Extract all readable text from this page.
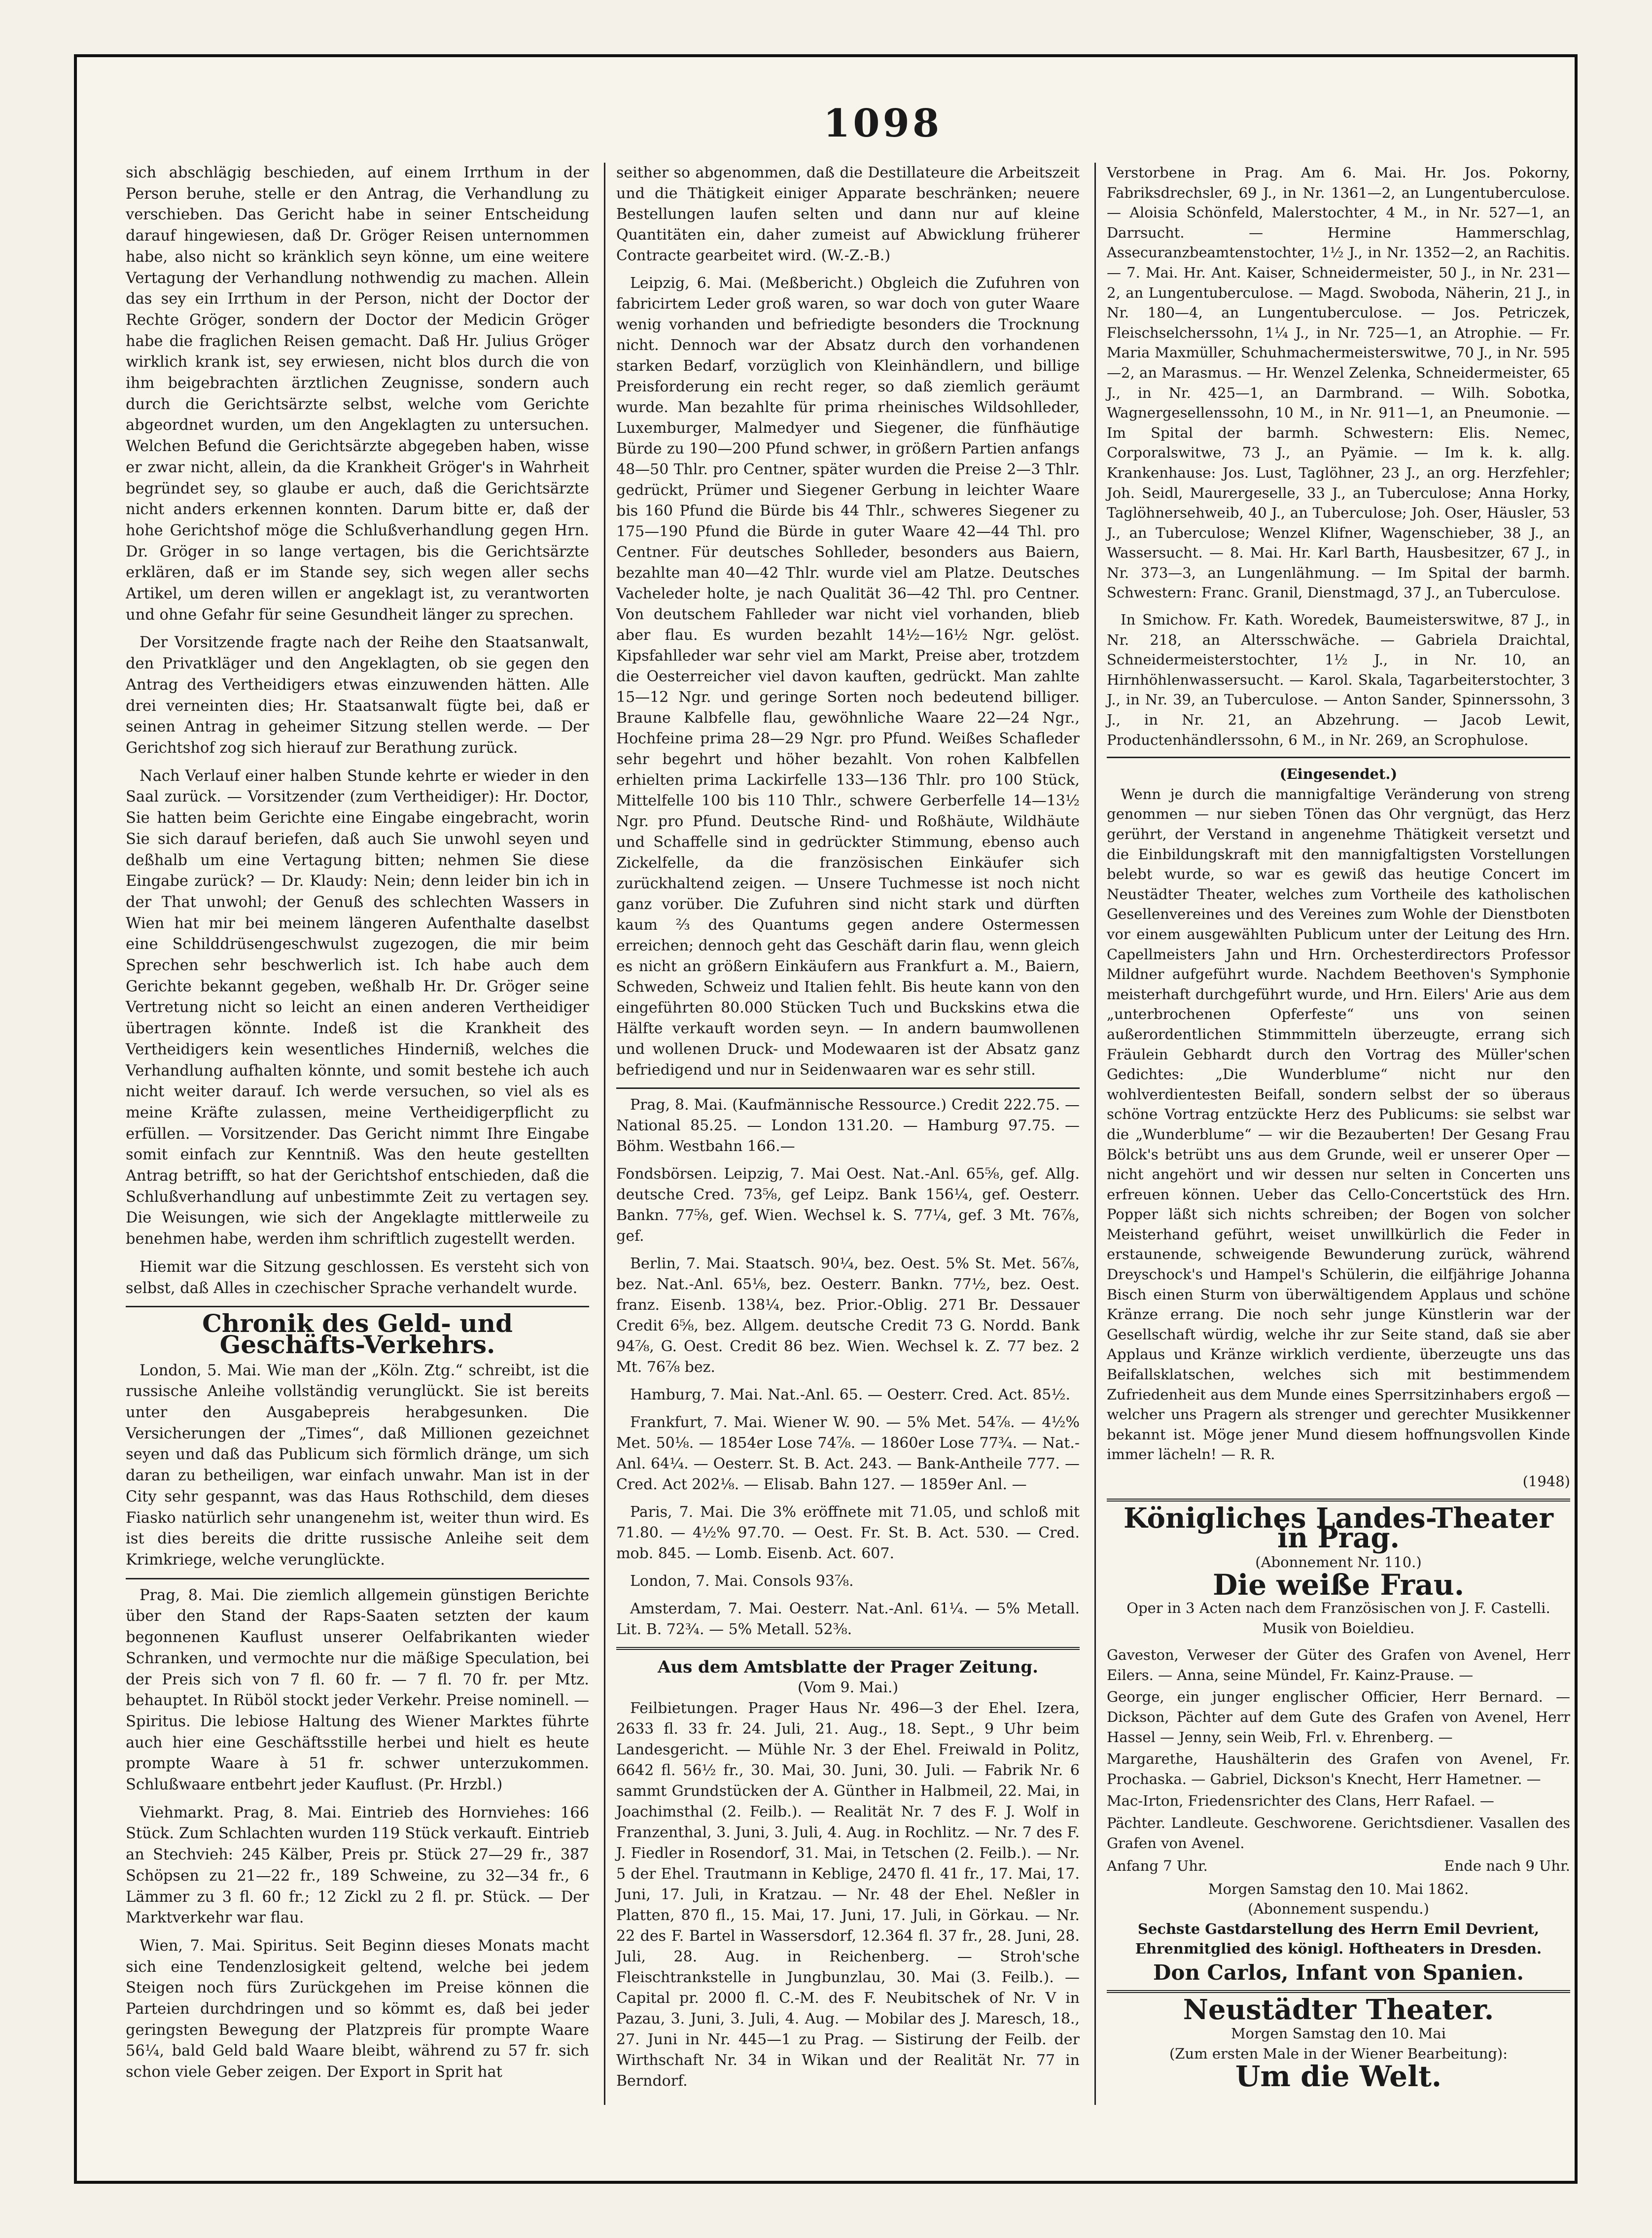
1098

sich abschlägig beschieden, auf einem Irrthum in der Person beruhe, stelle er den Antrag, die Verhandlung zu verschieben. Das Gericht habe in seiner Entscheidung darauf hingewiesen, daß Dr. Gröger Reisen unternommen habe, also nicht so kränklich seyn könne, um eine weitere Vertagung der Verhandlung nothwendig zu machen. Allein das sey ein Irrthum in der Person, nicht der Doctor der Rechte Gröger, sondern der Doctor der Medicin Gröger habe die fraglichen Reisen gemacht. Daß Hr. Julius Gröger wirklich krank ist, sey erwiesen, nicht blos durch die von ihm beigebrachten ärztlichen Zeugnisse, sondern auch durch die Gerichtsärzte selbst, welche vom Gerichte abgeordnet wurden, um den Angeklagten zu untersuchen. Welchen Befund die Gerichtsärzte abgegeben haben, wisse er zwar nicht, allein, da die Krankheit Gröger's in Wahrheit begründet sey, so glaube er auch, daß die Gerichtsärzte nicht anders erkennen konnten. Darum bitte er, daß der hohe Gerichtshof möge die Schlußverhandlung gegen Hrn. Dr. Gröger in so lange vertagen, bis die Gerichtsärzte erklären, daß er im Stande sey, sich wegen aller sechs Artikel, um deren willen er angeklagt ist, zu verantworten und ohne Gefahr für seine Gesundheit länger zu sprechen.

Der Vorsitzende fragte nach der Reihe den Staatsanwalt, den Privatkläger und den Angeklagten, ob sie gegen den Antrag des Vertheidigers etwas einzuwenden hätten. Alle drei verneinten dies; Hr. Staatsanwalt fügte bei, daß er seinen Antrag in geheimer Sitzung stellen werde. — Der Gerichtshof zog sich hierauf zur Berathung zurück.

Nach Verlauf einer halben Stunde kehrte er wieder in den Saal zurück. — Vorsitzender (zum Vertheidiger): Hr. Doctor, Sie hatten beim Gerichte eine Eingabe eingebracht, worin Sie sich darauf beriefen, daß auch Sie unwohl seyen und deßhalb um eine Vertagung bitten; nehmen Sie diese Eingabe zurück? — Dr. Klaudy: Nein; denn leider bin ich in der That unwohl; der Genuß des schlechten Wassers in Wien hat mir bei meinem längeren Aufenthalte daselbst eine Schilddrüsengeschwulst zugezogen, die mir beim Sprechen sehr beschwerlich ist. Ich habe auch dem Gerichte bekannt gegeben, weßhalb Hr. Dr. Gröger seine Vertretung nicht so leicht an einen anderen Vertheidiger übertragen könnte. Indeß ist die Krankheit des Vertheidigers kein wesentliches Hinderniß, welches die Verhandlung aufhalten könnte, und somit bestehe ich auch nicht weiter darauf. Ich werde versuchen, so viel als es meine Kräfte zulassen, meine Vertheidigerpflicht zu erfüllen. — Vorsitzender. Das Gericht nimmt Ihre Eingabe somit einfach zur Kenntniß. Was den heute gestellten Antrag betrifft, so hat der Gerichtshof entschieden, daß die Schlußverhandlung auf unbestimmte Zeit zu vertagen sey. Die Weisungen, wie sich der Angeklagte mittlerweile zu benehmen habe, werden ihm schriftlich zugestellt werden.

Hiemit war die Sitzung geschlossen. Es versteht sich von selbst, daß Alles in czechischer Sprache verhandelt wurde.

Chronik des Geld- und Geschäfts-Verkehrs.

London, 5. Mai. Wie man der „Köln. Ztg.“ schreibt, ist die russische Anleihe vollständig verunglückt. Sie ist bereits unter den Ausgabepreis herabgesunken. Die Versicherungen der „Times“, daß Millionen gezeichnet seyen und daß das Publicum sich förmlich dränge, um sich daran zu betheiligen, war einfach unwahr. Man ist in der City sehr gespannt, was das Haus Rothschild, dem dieses Fiasko natürlich sehr unangenehm ist, weiter thun wird. Es ist dies bereits die dritte russische Anleihe seit dem Krimkriege, welche verunglückte.

Prag, 8. Mai. Die ziemlich allgemein günstigen Berichte über den Stand der Raps-Saaten setzten der kaum begonnenen Kauflust unserer Oelfabrikanten wieder Schranken, und vermochte nur die mäßige Speculation, bei der Preis sich von 7 fl. 60 fr. — 7 fl. 70 fr. per Mtz. behauptet. In Rüböl stockt jeder Verkehr. Preise nominell. — Spiritus. Die lebiose Haltung des Wiener Marktes führte auch hier eine Geschäftsstille herbei und hielt es heute prompte Waare à 51 fr. schwer unterzukommen. Schlußwaare entbehrt jeder Kauflust. (Pr. Hrzbl.)

Viehmarkt. Prag, 8. Mai. Eintrieb des Hornviehes: 166 Stück. Zum Schlachten wurden 119 Stück verkauft. Eintrieb an Stechvieh: 245 Kälber, Preis pr. Stück 27—29 fr., 387 Schöpsen zu 21—22 fr., 189 Schweine, zu 32—34 fr., 6 Lämmer zu 3 fl. 60 fr.; 12 Zickl zu 2 fl. pr. Stück. — Der Marktverkehr war flau.

Wien, 7. Mai. Spiritus. Seit Beginn dieses Monats macht sich eine Tendenzlosigkeit geltend, welche bei jedem Steigen noch fürs Zurückgehen im Preise können die Parteien durchdringen und so kömmt es, daß bei jeder geringsten Bewegung der Platzpreis für prompte Waare 56¼, bald Geld bald Waare bleibt, während zu 57 fr. sich schon viele Geber zeigen. Der Export in Sprit hat

seither so abgenommen, daß die Destillateure die Arbeitszeit und die Thätigkeit einiger Apparate beschränken; neuere Bestellungen laufen selten und dann nur auf kleine Quantitäten ein, daher zumeist auf Abwicklung früherer Contracte gearbeitet wird. (W.-Z.-B.)

Leipzig, 6. Mai. (Meßbericht.) Obgleich die Zufuhren von fabricirtem Leder groß waren, so war doch von guter Waare wenig vorhanden und befriedigte besonders die Trocknung nicht. Dennoch war der Absatz durch den vorhandenen starken Bedarf, vorzüglich von Kleinhändlern, und billige Preisforderung ein recht reger, so daß ziemlich geräumt wurde. Man bezahlte für prima rheinisches Wildsohlleder, Luxemburger, Malmedyer und Siegener, die fünfhäutige Bürde zu 190—200 Pfund schwer, in größern Partien anfangs 48—50 Thlr. pro Centner, später wurden die Preise 2—3 Thlr. gedrückt, Prümer und Siegener Gerbung in leichter Waare bis 160 Pfund die Bürde bis 44 Thlr., schweres Siegener zu 175—190 Pfund die Bürde in guter Waare 42—44 Thl. pro Centner. Für deutsches Sohlleder, besonders aus Baiern, bezahlte man 40—42 Thlr. wurde viel am Platze. Deutsches Vacheleder holte, je nach Qualität 36—42 Thl. pro Centner. Von deutschem Fahlleder war nicht viel vorhanden, blieb aber flau. Es wurden bezahlt 14½—16½ Ngr. gelöst. Kipsfahlleder war sehr viel am Markt, Preise aber, trotzdem die Oesterreicher viel davon kauften, gedrückt. Man zahlte 15—12 Ngr. und geringe Sorten noch bedeutend billiger. Braune Kalbfelle flau, gewöhnliche Waare 22—24 Ngr., Hochfeine prima 28—29 Ngr. pro Pfund. Weißes Schafleder sehr begehrt und höher bezahlt. Von rohen Kalbfellen erhielten prima Lackirfelle 133—136 Thlr. pro 100 Stück, Mittelfelle 100 bis 110 Thlr., schwere Gerberfelle 14—13½ Ngr. pro Pfund. Deutsche Rind- und Roßhäute, Wildhäute und Schaffelle sind in gedrückter Stimmung, ebenso auch Zickelfelle, da die französischen Einkäufer sich zurückhaltend zeigen. — Unsere Tuchmesse ist noch nicht ganz vorüber. Die Zufuhren sind nicht stark und dürften kaum ⅔ des Quantums gegen andere Ostermessen erreichen; dennoch geht das Geschäft darin flau, wenn gleich es nicht an größern Einkäufern aus Frankfurt a. M., Baiern, Schweden, Schweiz und Italien fehlt. Bis heute kann von den eingeführten 80.000 Stücken Tuch und Buckskins etwa die Hälfte verkauft worden seyn. — In andern baumwollenen und wollenen Druck- und Modewaaren ist der Absatz ganz befriedigend und nur in Seidenwaaren war es sehr still.

Prag, 8. Mai. (Kaufmännische Ressource.) Credit 222.75. — National 85.25. — London 131.20. — Hamburg 97.75. — Böhm. Westbahn 166.—

Fondsbörsen. Leipzig, 7. Mai Oest. Nat.-Anl. 65⅝, gef. Allg. deutsche Cred. 73⅝, gef Leipz. Bank 156¼, gef. Oesterr. Bankn. 77⅝, gef. Wien. Wechsel k. S. 77¼, gef. 3 Mt. 76⅞, gef.

Berlin, 7. Mai. Staatsch. 90¼, bez. Oest. 5% St. Met. 56⅞, bez. Nat.-Anl. 65⅛, bez. Oesterr. Bankn. 77½, bez. Oest. franz. Eisenb. 138¼, bez. Prior.-Oblig. 271 Br. Dessauer Credit 6⅝, bez. Allgem. deutsche Credit 73 G. Nordd. Bank 94⅞, G. Oest. Credit 86 bez. Wien. Wechsel k. Z. 77 bez. 2 Mt. 76⅞ bez.

Hamburg, 7. Mai. Nat.-Anl. 65. — Oesterr. Cred. Act. 85½.

Frankfurt, 7. Mai. Wiener W. 90. — 5% Met. 54⅞. — 4½% Met. 50⅛. — 1854er Lose 74⅞. — 1860er Lose 77¾. — Nat.-Anl. 64¼. — Oesterr. St. B. Act. 243. — Bank-Antheile 777. — Cred. Act 202⅛. — Elisab. Bahn 127. — 1859er Anl. —

Paris, 7. Mai. Die 3% eröffnete mit 71.05, und schloß mit 71.80. — 4½% 97.70. — Oest. Fr. St. B. Act. 530. — Cred. mob. 845. — Lomb. Eisenb. Act. 607.

London, 7. Mai. Consols 93⅞.

Amsterdam, 7. Mai. Oesterr. Nat.-Anl. 61¼. — 5% Metall. Lit. B. 72¾. — 5% Metall. 52⅜.

Aus dem Amtsblatte der Prager Zeitung.
(Vom 9. Mai.)

Feilbietungen. Prager Haus Nr. 496—3 der Ehel. Izera, 2633 fl. 33 fr. 24. Juli, 21. Aug., 18. Sept., 9 Uhr beim Landesgericht. — Mühle Nr. 3 der Ehel. Freiwald in Politz, 6642 fl. 56½ fr., 30. Mai, 30. Juni, 30. Juli. — Fabrik Nr. 6 sammt Grundstücken der A. Günther in Halbmeil, 22. Mai, in Joachimsthal (2. Feilb.). — Realität Nr. 7 des F. J. Wolf in Franzenthal, 3. Juni, 3. Juli, 4. Aug. in Rochlitz. — Nr. 7 des F. J. Fiedler in Rosendorf, 31. Mai, in Tetschen (2. Feilb.). — Nr. 5 der Ehel. Trautmann in Keblige, 2470 fl. 41 fr., 17. Mai, 17. Juni, 17. Juli, in Kratzau. — Nr. 48 der Ehel. Neßler in Platten, 870 fl., 15. Mai, 17. Juni, 17. Juli, in Görkau. — Nr. 22 des F. Bartel in Wassersdorf, 12.364 fl. 37 fr., 28. Juni, 28. Juli, 28. Aug. in Reichenberg. — Stroh'sche Fleischtrankstelle in Jungbunzlau, 30. Mai (3. Feilb.). — Capital pr. 2000 fl. C.-M. des F. Neubitschek of Nr. V in Pazau, 3. Juni, 3. Juli, 4. Aug. — Mobilar des J. Maresch, 18., 27. Juni in Nr. 445—1 zu Prag. — Sistirung der Feilb. der Wirthschaft Nr. 34 in Wikan und der Realität Nr. 77 in Berndorf.

Verstorbene in Prag. Am 6. Mai. Hr. Jos. Pokorny, Fabriksdrechsler, 69 J., in Nr. 1361—2, an Lungentuberculose. — Aloisia Schönfeld, Malerstochter, 4 M., in Nr. 527—1, an Darrsucht. — Hermine Hammerschlag, Assecuranzbeamtenstochter, 1½ J., in Nr. 1352—2, an Rachitis. — 7. Mai. Hr. Ant. Kaiser, Schneidermeister, 50 J., in Nr. 231—2, an Lungentuberculose. — Magd. Swoboda, Näherin, 21 J., in Nr. 180—4, an Lungentuberculose. — Jos. Petriczek, Fleischselcherssohn, 1¼ J., in Nr. 725—1, an Atrophie. — Fr. Maria Maxmüller, Schuhmachermeisterswitwe, 70 J., in Nr. 595—2, an Marasmus. — Hr. Wenzel Zelenka, Schneidermeister, 65 J., in Nr. 425—1, an Darmbrand. — Wilh. Sobotka, Wagnergesellenssohn, 10 M., in Nr. 911—1, an Pneumonie. — Im Spital der barmh. Schwestern: Elis. Nemec, Corporalswitwe, 73 J., an Pyämie. — Im k. k. allg. Krankenhause: Jos. Lust, Taglöhner, 23 J., an org. Herzfehler; Joh. Seidl, Maurergeselle, 33 J., an Tuberculose; Anna Horky, Taglöhnersehweib, 40 J., an Tuberculose; Joh. Oser, Häusler, 53 J., an Tuberculose; Wenzel Klifner, Wagenschieber, 38 J., an Wassersucht. — 8. Mai. Hr. Karl Barth, Hausbesitzer, 67 J., in Nr. 373—3, an Lungenlähmung. — Im Spital der barmh. Schwestern: Franc. Granil, Dienstmagd, 37 J., an Tuberculose.

In Smichow. Fr. Kath. Woredek, Baumeisterswitwe, 87 J., in Nr. 218, an Altersschwäche. — Gabriela Draichtal, Schneidermeisterstochter, 1½ J., in Nr. 10, an Hirnhöhlenwassersucht. — Karol. Skala, Tagarbeiterstochter, 3 J., in Nr. 39, an Tuberculose. — Anton Sander, Spinnerssohn, 3 J., in Nr. 21, an Abzehrung. — Jacob Lewit, Productenhändlerssohn, 6 M., in Nr. 269, an Scrophulose.

(Eingesendet.)

Wenn je durch die mannigfaltige Veränderung von streng genommen — nur sieben Tönen das Ohr vergnügt, das Herz gerührt, der Verstand in angenehme Thätigkeit versetzt und die Einbildungskraft mit den mannigfaltigsten Vorstellungen belebt wurde, so war es gewiß das heutige Concert im Neustädter Theater, welches zum Vortheile des katholischen Gesellenvereines und des Vereines zum Wohle der Dienstboten vor einem ausgewählten Publicum unter der Leitung des Hrn. Capellmeisters Jahn und Hrn. Orchesterdirectors Professor Mildner aufgeführt wurde. Nachdem Beethoven's Symphonie meisterhaft durchgeführt wurde, und Hrn. Eilers' Arie aus dem „unterbrochenen Opferfeste“ uns von seinen außerordentlichen Stimmmitteln überzeugte, errang sich Fräulein Gebhardt durch den Vortrag des Müller'schen Gedichtes: „Die Wunderblume“ nicht nur den wohlverdientesten Beifall, sondern selbst der so überaus schöne Vortrag entzückte Herz des Publicums: sie selbst war die „Wunderblume“ — wir die Bezauberten! Der Gesang Frau Bölck's betrübt uns aus dem Grunde, weil er unserer Oper — nicht angehört und wir dessen nur selten in Concerten uns erfreuen können. Ueber das Cello-Concertstück des Hrn. Popper läßt sich nichts schreiben; der Bogen von solcher Meisterhand geführt, weiset unwillkürlich die Feder in erstaunende, schweigende Bewunderung zurück, während Dreyschock's und Hampel's Schülerin, die eilfjährige Johanna Bisch einen Sturm von überwältigendem Applaus und schöne Kränze errang. Die noch sehr junge Künstlerin war der Gesellschaft würdig, welche ihr zur Seite stand, daß sie aber Applaus und Kränze wirklich verdiente, überzeugte uns das Beifallsklatschen, welches sich mit bestimmendem Zufriedenheit aus dem Munde eines Sperrsitzinhabers ergoß — welcher uns Pragern als strenger und gerechter Musikkenner bekannt ist. Möge jener Mund diesem hoffnungsvollen Kinde immer lächeln! — R. R.

(1948)
Königliches Landes-Theater in Prag.
(Abonnement Nr. 110.)
Die weiße Frau.

Oper in 3 Acten nach dem Französischen von J. F. Castelli. Musik von Boieldieu.

Gaveston, Verweser der Güter des Grafen von Avenel, Herr Eilers. — Anna, seine Mündel, Fr. Kainz-Prause. —

George, ein junger englischer Officier, Herr Bernard. — Dickson, Pächter auf dem Gute des Grafen von Avenel, Herr Hassel — Jenny, sein Weib, Frl. v. Ehrenberg. —

Margarethe, Haushälterin des Grafen von Avenel, Fr. Prochaska. — Gabriel, Dickson's Knecht, Herr Hametner. —

Mac-Irton, Friedensrichter des Clans, Herr Rafael. —

Pächter. Landleute. Geschworene. Gerichtsdiener. Vasallen des Grafen von Avenel.

Anfang 7 Uhr.	Ende nach 9 Uhr.
Morgen Samstag den 10. Mai 1862.
(Abonnement suspendu.)
Sechste Gastdarstellung des Herrn Emil Devrient, Ehrenmitglied des königl. Hoftheaters in Dresden.
Don Carlos, Infant von Spanien.
Neustädter Theater.
Morgen Samstag den 10. Mai
(Zum ersten Male in der Wiener Bearbeitung):
Um die Welt.
